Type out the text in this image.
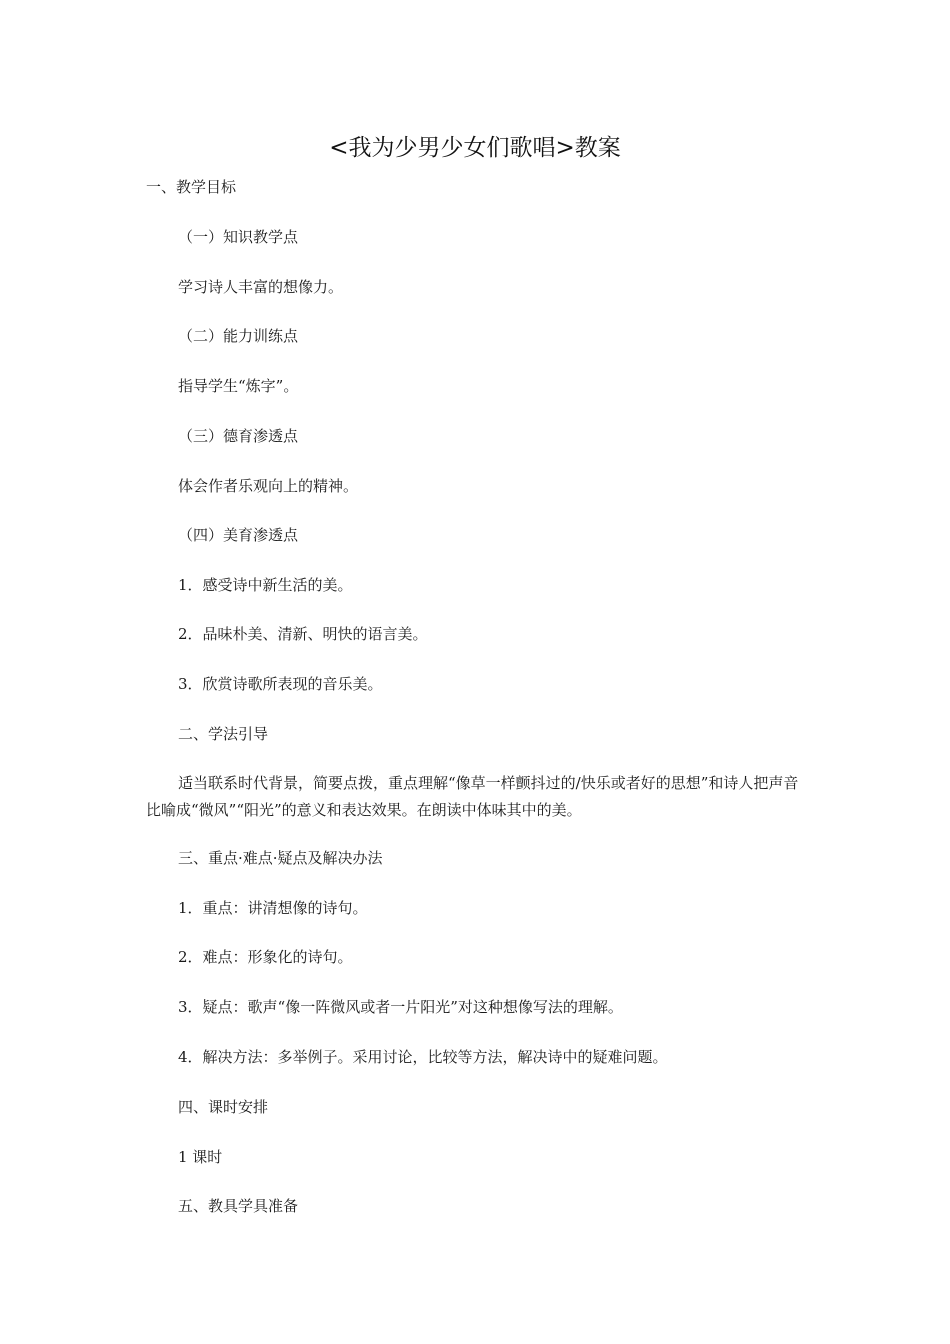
<我为少男少女们歌唱>教案
一、教学目标
（一）知识教学点
学习诗人丰富的想像力。
（二）能力训练点
指导学生“炼字”。
（三）德育渗透点
体会作者乐观向上的精神。
（四）美育渗透点
1．感受诗中新生活的美。
2．品味朴美、清新、明快的语言美。
3．欣赏诗歌所表现的音乐美。
二、学法引导
适当联系时代背景，简要点拨，重点理解“像草一样颤抖过的/快乐或者好的思想”和诗人把声音比喻成“微风”“阳光”的意义和表达效果。在朗读中体味其中的美。
三、重点·难点·疑点及解决办法
1．重点：讲清想像的诗句。
2．难点：形象化的诗句。
3．疑点：歌声“像一阵微风或者一片阳光”对这种想像写法的理解。
4．解决方法：多举例子。采用讨论，比较等方法，解决诗中的疑难问题。
四、课时安排
1 课时
五、教具学具准备
